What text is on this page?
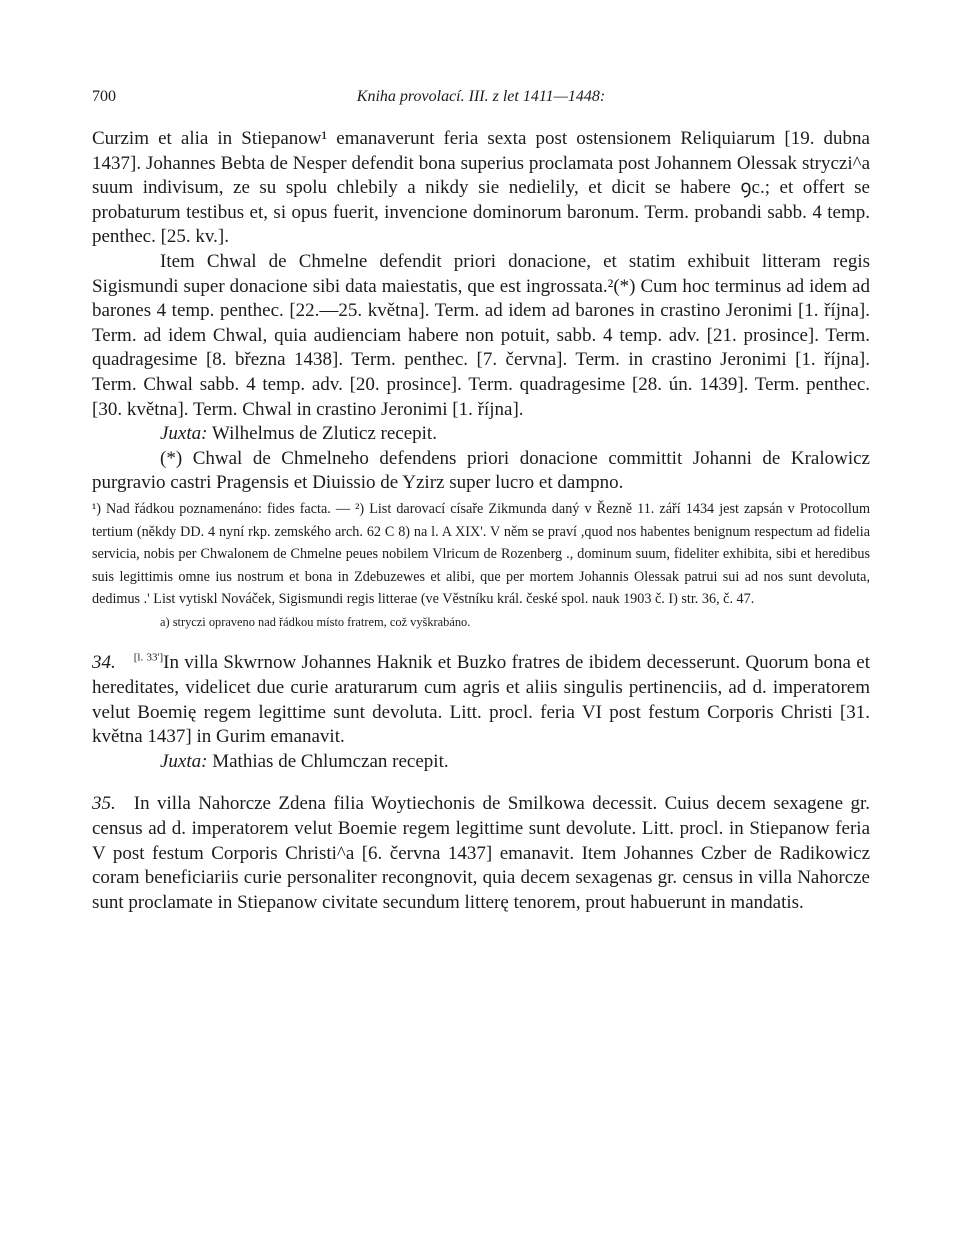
700	Kniha provolací. III. z let 1411—1448:

Curzim et alia in Stiepanow¹ emanaverunt feria sexta post ostensionem Reliquiarum [19. dubna 1437]. Johannes Bebta de Nesper defendit bona superius proclamata post Johannem Olessak stryczi^a suum indivisum, ze su spolu chlebily a nikdy sie nedielily, et dicit se habere ꝯc.; et offert se probaturum testibus et, si opus fuerit, invencione dominorum baronum. Term. probandi sabb. 4 temp. penthec. [25. kv.].

Item Chwal de Chmelne defendit priori donacione, et statim exhibuit litteram regis Sigismundi super donacione sibi data maiestatis, que est ingrossata.²(*) Cum hoc terminus ad idem ad barones 4 temp. penthec. [22.—25. května]. Term. ad idem ad barones in crastino Jeronimi [1. října]. Term. ad idem Chwal, quia audienciam habere non potuit, sabb. 4 temp. adv. [21. prosince]. Term. quadragesime [8. března 1438]. Term. penthec. [7. června]. Term. in crastino Jeronimi [1. října]. Term. Chwal sabb. 4 temp. adv. [20. prosince]. Term. quadragesime [28. ún. 1439]. Term. penthec. [30. května]. Term. Chwal in crastino Jeronimi [1. října].

Juxta: Wilhelmus de Zluticz recepit.

(*) Chwal de Chmelneho defendens priori donacione committit Johanni de Kralowicz purgravio castri Pragensis et Diuissio de Yzirz super lucro et dampno.

¹) Nad řádkou poznamenáno: fides facta. — ²) List darovací císaře Zikmunda daný v Řezně 11. září 1434 jest zapsán v Protocollum tertium (někdy DD. 4 nyní rkp. zemského arch. 62 C 8) na l. A XIX'. V něm se praví ,quod nos habentes benignum respectum ad fidelia servicia, nobis per Chwalonem de Chmelne peues nobilem Vlricum de Rozenberg ., dominum suum, fideliter exhibita, sibi et heredibus suis legittimis omne ius nostrum et bona in Zdebuzewes et alibi, que per mortem Johannis Olessak patrui sui ad nos sunt devoluta, dedimus .' List vytiskl Nováček, Sigismundi regis litterae (ve Věstníku král. české spol. nauk 1903 č. I) str. 36, č. 47.

a) stryczi opraveno nad řádkou místo fratrem, což vyškrabáno.

34. [l. 33']In villa Skwrnow Johannes Haknik et Buzko fratres de ibidem decesserunt. Quorum bona et hereditates, videlicet due curie araturarum cum agris et aliis singulis pertinenciis, ad d. imperatorem velut Boemię regem legittime sunt devoluta. Litt. procl. feria VI post festum Corporis Christi [31. května 1437] in Gurim emanavit.

Juxta: Mathias de Chlumczan recepit.

35. In villa Nahorcze Zdena filia Woytiechonis de Smilkowa decessit. Cuius decem sexagene gr. census ad d. imperatorem velut Boemie regem legittime sunt devolute. Litt. procl. in Stiepanow feria V post festum Corporis Christi^a [6. června 1437] emanavit. Item Johannes Czber de Radikowicz coram beneficiariis curie personaliter recongnovit, quia decem sexagenas gr. census in villa Nahorcze sunt proclamate in Stiepanow civitate secundum litterę tenorem, prout habuerunt in mandatis.
